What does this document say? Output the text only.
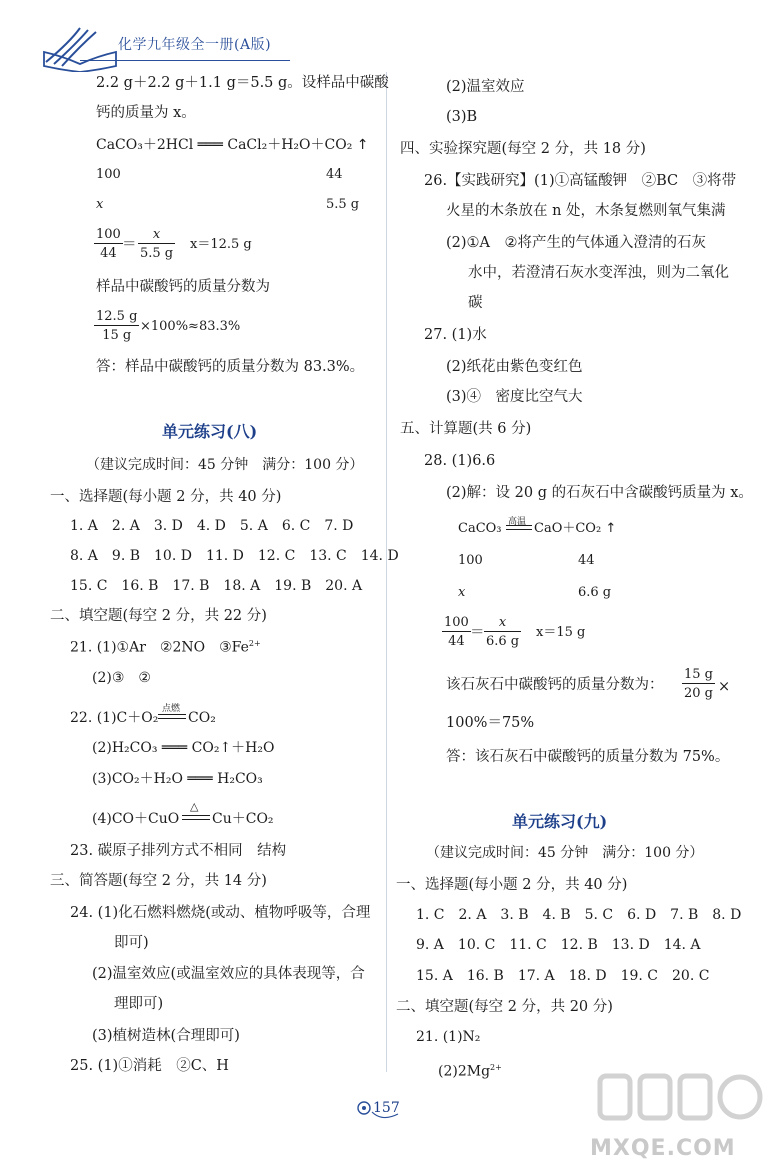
化学九年级全一册(A版)
2.2 g＋2.2 g＋1.1 g＝5.5 g。设样品中碳酸
钙的质量为 x。
CaCO₃＋2HCl ═══ CaCl₂＋H₂O＋CO₂ ↑
100	44
x	5.5 g
$\frac{100}{44} = \frac{x}{5.5 g} x=12.5$ g
样品中碳酸钙的质量分数为
$\frac{12.5 g}{15 g} \times 100\%\approx 83.3\%$
答：样品中碳酸钙的质量分数为 83.3%。
单元练习(八)
（建议完成时间：45 分钟　满分：100 分）
一、选择题(每小题 2 分，共 40 分)
1. A　2. A　3. D　4. D　5. A　6. C　7. D
8. A　9. B　10. D　11. D　12. C　13. C　14. D
15. C　16. B　17. B　18. A　19. B　20. A
二、填空题(每空 2 分，共 22 分)
21. (1)①Ar　②2NO　$③Fe^{2+}$
(2)③　②
22. (1)C＋O₂
点燃
CO₂
(2)H₂CO₃ ═══ CO₂↑＋H₂O
(3)CO₂＋H₂O ═══ H₂CO₃
(4)CO＋CuO
△
Cu＋CO₂
23. 碳原子排列方式不相同　结构
三、简答题(每空 2 分，共 14 分)
24. (1)化石燃料燃烧(或动、植物呼吸等，合理
即可)
(2)温室效应(或温室效应的具体表现等，合
理即可)
(3)植树造林(合理即可)
25. (1)①消耗　②C、H
(2)温室效应
(3)B
四、实验探究题(每空 2 分，共 18 分)
26.【实践研究】(1)①高锰酸钾　②BC　③将带
火星的木条放在 n 处，木条复燃则氧气集满
(2)①A　②将产生的气体通入澄清的石灰
水中，若澄清石灰水变浑浊，则为二氧化
碳
27. (1)水
(2)纸花由紫色变红色
(3)④　密度比空气大
五、计算题(共 6 分)
28. (1)6.6
(2)解：设 20 g 的石灰石中含碳酸钙质量为 x。
CaCO₃ 高温 CaO＋CO₂ ↑
100	44
x	6.6 g
$\frac{100}{44} = \frac{x}{6.6 g} x=15$ g
该石灰石中碳酸钙的质量分数为： $\frac{15 g}{20 g}$ ×
100%＝75%
答：该石灰石中碳酸钙的质量分数为 75%。
单元练习(九)
（建议完成时间：45 分钟　满分：100 分）
一、选择题(每小题 2 分，共 40 分)
1. C　2. A　3. B　4. B　5. C　6. D　7. B　8. D
9. A　10. C　11. C　12. B　13. D　14. A
15. A　16. B　17. A　18. D　19. C　20. C
二、填空题(每空 2 分，共 20 分)
21. (1)N₂
$(2)2Mg^{2+}$
157
MXQE.COM
